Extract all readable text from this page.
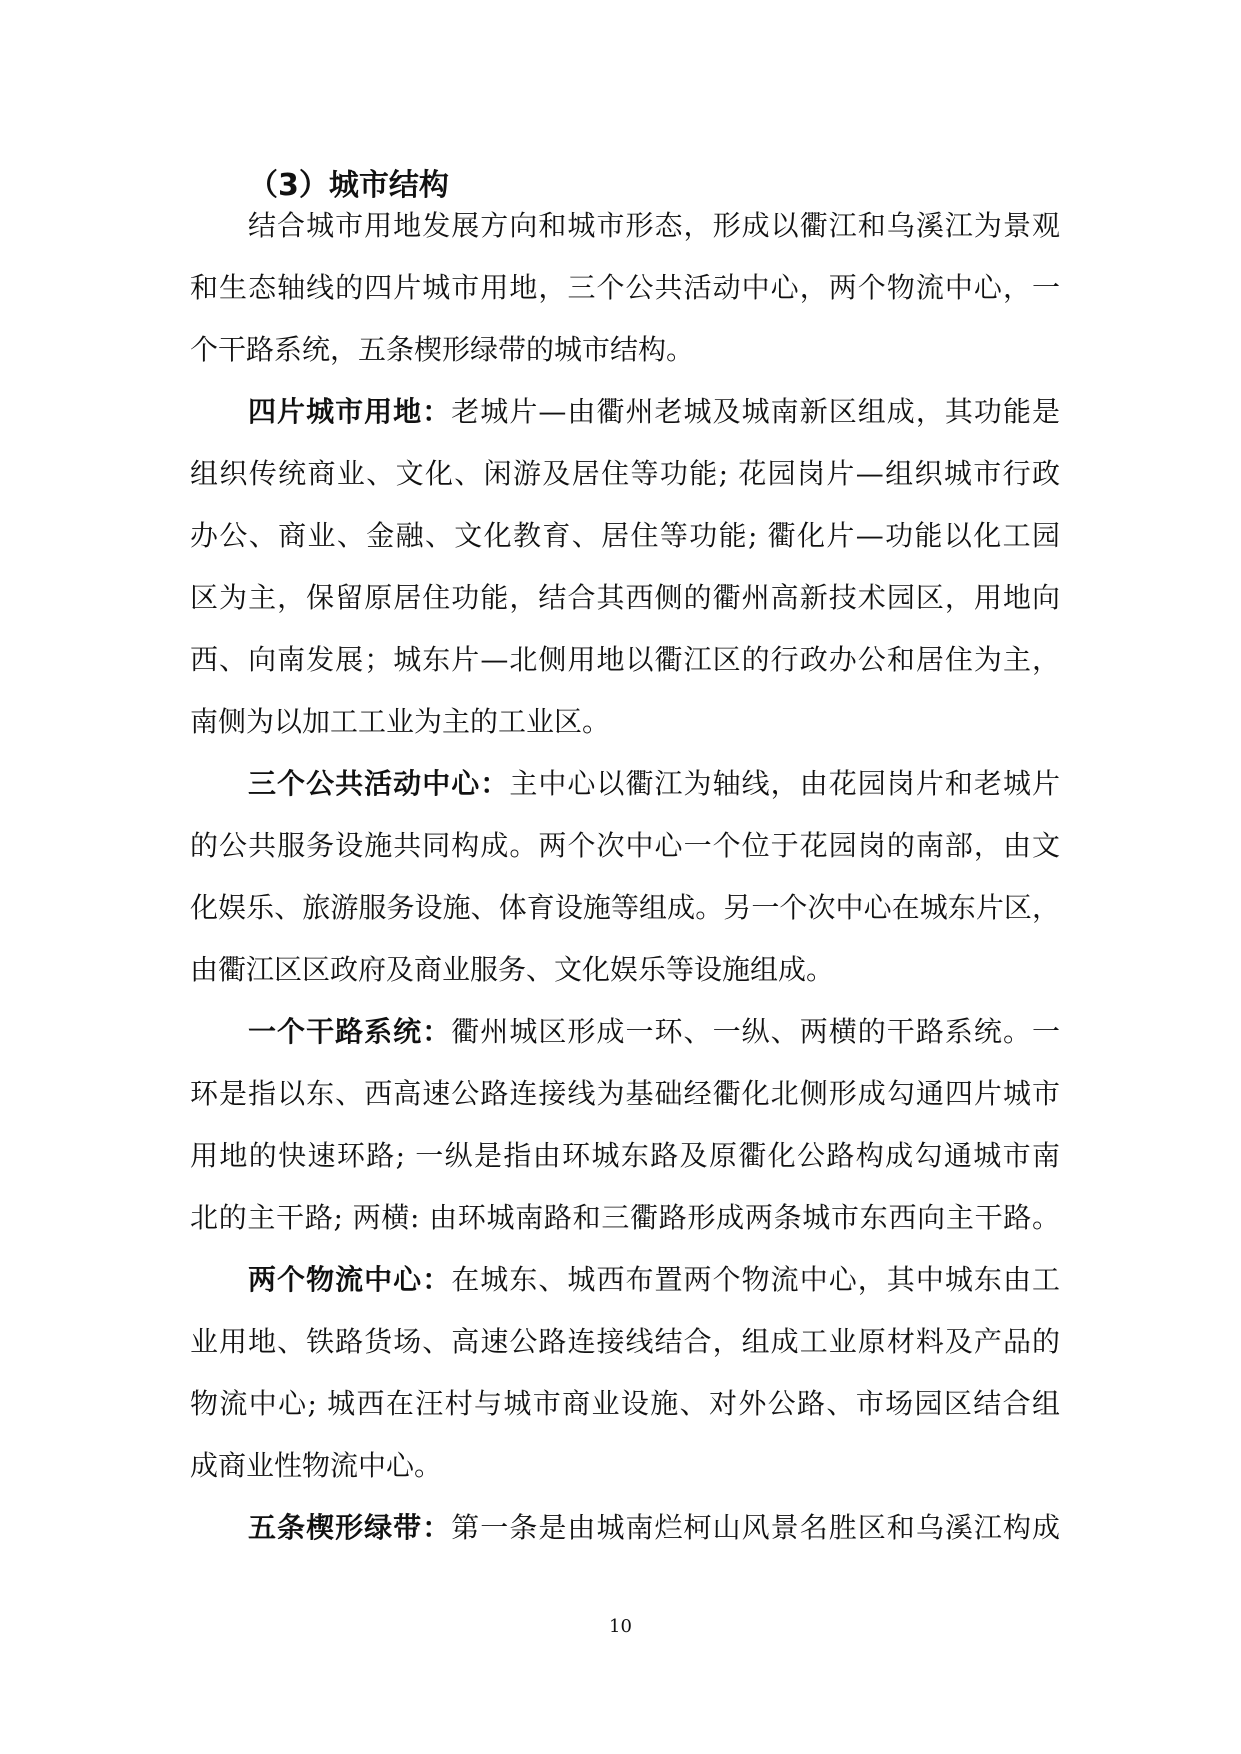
（3）城市结构
结合城市用地发展方向和城市形态，形成以衢江和乌溪江为景观
和生态轴线的四片城市用地，三个公共活动中心，两个物流中心，一
个干路系统，五条楔形绿带的城市结构。
四片城市用地：老城片—由衢州老城及城南新区组成，其功能是
组织传统商业、文化、闲游及居住等功能; 花园岗片—组织城市行政
办公、商业、金融、文化教育、居住等功能; 衢化片—功能以化工园
区为主，保留原居住功能，结合其西侧的衢州高新技术园区，用地向
西、向南发展；城东片—北侧用地以衢江区的行政办公和居住为主，
南侧为以加工工业为主的工业区。
三个公共活动中心：主中心以衢江为轴线，由花园岗片和老城片
的公共服务设施共同构成。两个次中心一个位于花园岗的南部，由文
化娱乐、旅游服务设施、体育设施等组成。另一个次中心在城东片区，
由衢江区区政府及商业服务、文化娱乐等设施组成。
一个干路系统：衢州城区形成一环、一纵、两横的干路系统。一
环是指以东、西高速公路连接线为基础经衢化北侧形成勾通四片城市
用地的快速环路; 一纵是指由环城东路及原衢化公路构成勾通城市南
北的主干路; 两横: 由环城南路和三衢路形成两条城市东西向主干路。
两个物流中心：在城东、城西布置两个物流中心，其中城东由工
业用地、铁路货场、高速公路连接线结合，组成工业原材料及产品的
物流中心; 城西在汪村与城市商业设施、对外公路、市场园区结合组
成商业性物流中心。
五条楔形绿带：第一条是由城南烂柯山风景名胜区和乌溪江构成
10
